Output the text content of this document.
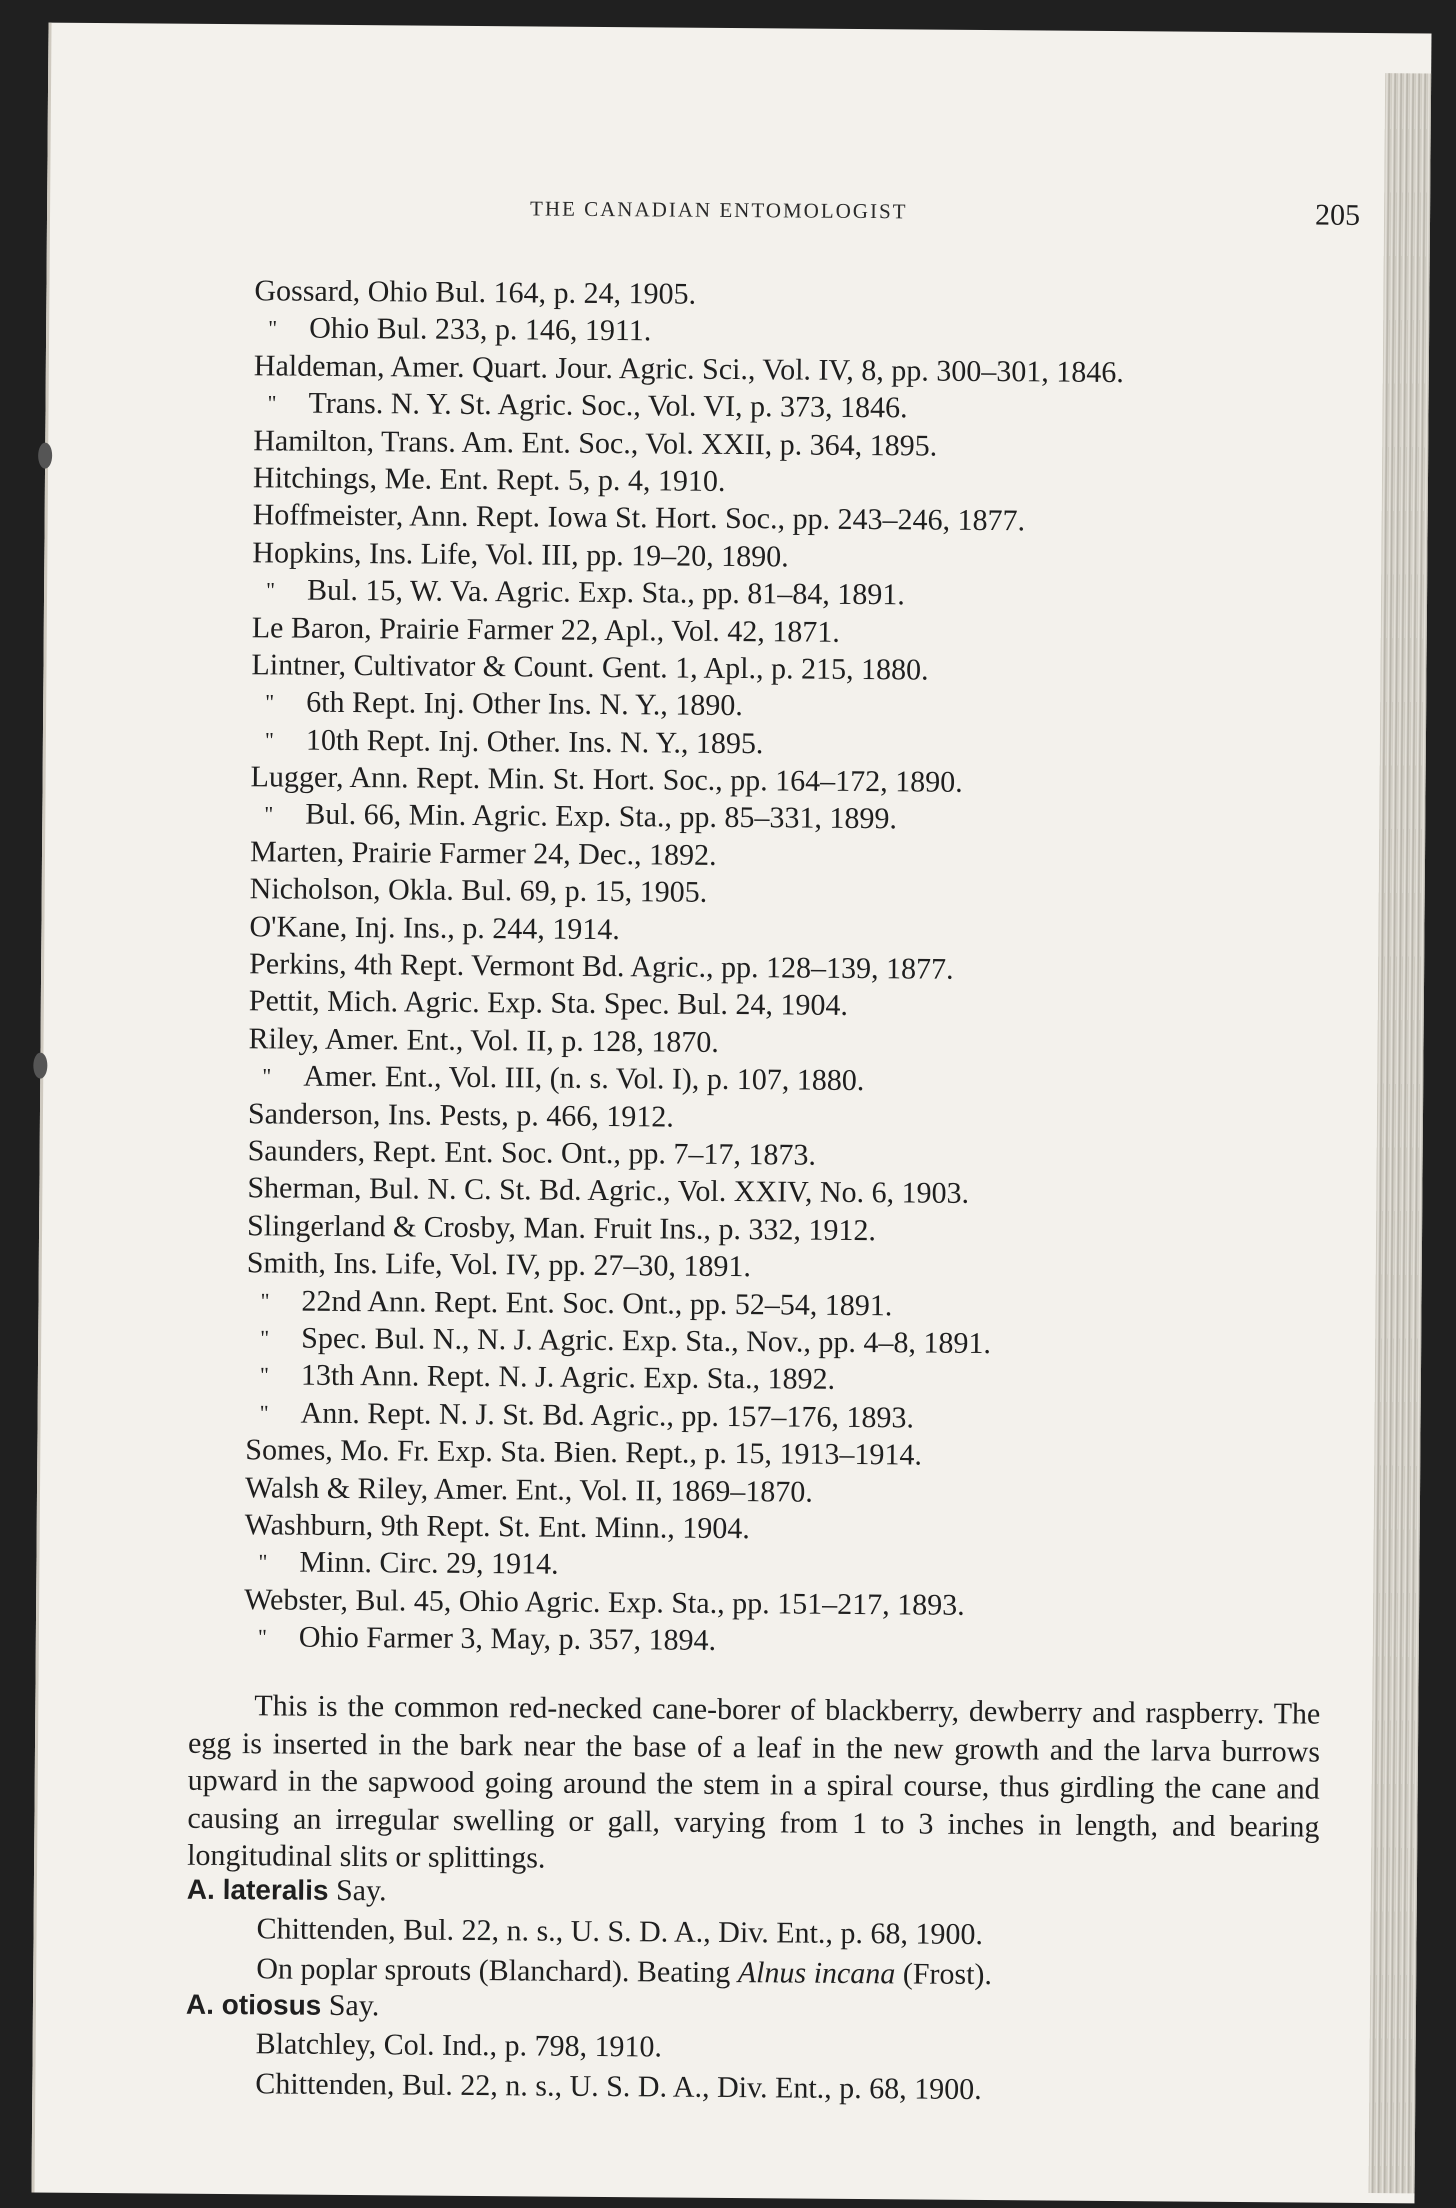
THE CANADIAN ENTOMOLOGIST	205
Gossard, Ohio Bul. 164, p. 24, 1905.
" Ohio Bul. 233, p. 146, 1911.
Haldeman, Amer. Quart. Jour. Agric. Sci., Vol. IV, 8, pp. 300–301, 1846.
" Trans. N. Y. St. Agric. Soc., Vol. VI, p. 373, 1846.
Hamilton, Trans. Am. Ent. Soc., Vol. XXII, p. 364, 1895.
Hitchings, Me. Ent. Rept. 5, p. 4, 1910.
Hoffmeister, Ann. Rept. Iowa St. Hort. Soc., pp. 243–246, 1877.
Hopkins, Ins. Life, Vol. III, pp. 19–20, 1890.
" Bul. 15, W. Va. Agric. Exp. Sta., pp. 81–84, 1891.
Le Baron, Prairie Farmer 22, Apl., Vol. 42, 1871.
Lintner, Cultivator & Count. Gent. 1, Apl., p. 215, 1880.
" 6th Rept. Inj. Other Ins. N. Y., 1890.
" 10th Rept. Inj. Other. Ins. N. Y., 1895.
Lugger, Ann. Rept. Min. St. Hort. Soc., pp. 164–172, 1890.
" Bul. 66, Min. Agric. Exp. Sta., pp. 85–331, 1899.
Marten, Prairie Farmer 24, Dec., 1892.
Nicholson, Okla. Bul. 69, p. 15, 1905.
O'Kane, Inj. Ins., p. 244, 1914.
Perkins, 4th Rept. Vermont Bd. Agric., pp. 128–139, 1877.
Pettit, Mich. Agric. Exp. Sta. Spec. Bul. 24, 1904.
Riley, Amer. Ent., Vol. II, p. 128, 1870.
" Amer. Ent., Vol. III, (n. s. Vol. I), p. 107, 1880.
Sanderson, Ins. Pests, p. 466, 1912.
Saunders, Rept. Ent. Soc. Ont., pp. 7–17, 1873.
Sherman, Bul. N. C. St. Bd. Agric., Vol. XXIV, No. 6, 1903.
Slingerland & Crosby, Man. Fruit Ins., p. 332, 1912.
Smith, Ins. Life, Vol. IV, pp. 27–30, 1891.
" 22nd Ann. Rept. Ent. Soc. Ont., pp. 52–54, 1891.
" Spec. Bul. N., N. J. Agric. Exp. Sta., Nov., pp. 4–8, 1891.
" 13th Ann. Rept. N. J. Agric. Exp. Sta., 1892.
" Ann. Rept. N. J. St. Bd. Agric., pp. 157–176, 1893.
Somes, Mo. Fr. Exp. Sta. Bien. Rept., p. 15, 1913–1914.
Walsh & Riley, Amer. Ent., Vol. II, 1869–1870.
Washburn, 9th Rept. St. Ent. Minn., 1904.
" Minn. Circ. 29, 1914.
Webster, Bul. 45, Ohio Agric. Exp. Sta., pp. 151–217, 1893.
" Ohio Farmer 3, May, p. 357, 1894.

This is the common red-necked cane-borer of blackberry, dewberry and raspberry. The egg is inserted in the bark near the base of a leaf in the new growth and the larva burrows upward in the sapwood going around the stem in a spiral course, thus girdling the cane and causing an irregular swelling or gall, varying from 1 to 3 inches in length, and bearing longitudinal slits or splittings.

A. lateralis Say.
Chittenden, Bul. 22, n. s., U. S. D. A., Div. Ent., p. 68, 1900.
On poplar sprouts (Blanchard). Beating Alnus incana (Frost).
A. otiosus Say.
Blatchley, Col. Ind., p. 798, 1910.
Chittenden, Bul. 22, n. s., U. S. D. A., Div. Ent., p. 68, 1900.
